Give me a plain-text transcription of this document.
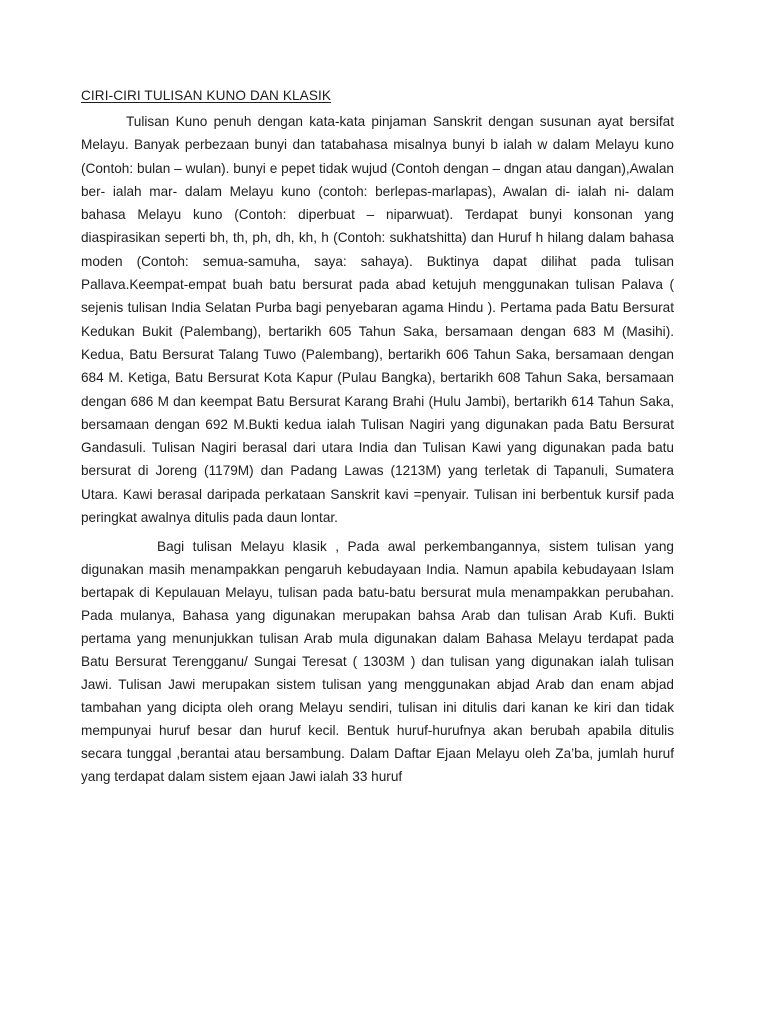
CIRI-CIRI TULISAN KUNO DAN KLASIK

Tulisan Kuno penuh dengan kata-kata pinjaman Sanskrit dengan susunan ayat bersifat Melayu. Banyak perbezaan bunyi dan tatabahasa misalnya bunyi b ialah w dalam Melayu kuno (Contoh: bulan – wulan). bunyi e pepet tidak wujud (Contoh dengan – dngan atau dangan),Awalan ber- ialah mar- dalam Melayu kuno (contoh: berlepas-marlapas), Awalan di- ialah ni- dalam bahasa Melayu kuno (Contoh: diperbuat – niparwuat). Terdapat bunyi konsonan yang diaspirasikan seperti bh, th, ph, dh, kh, h (Contoh: sukhatshitta) dan Huruf h hilang dalam bahasa moden (Contoh: semua-samuha, saya: sahaya). Buktinya dapat dilihat pada tulisan Pallava.Keempat-empat buah batu bersurat pada abad ketujuh menggunakan tulisan Palava ( sejenis tulisan India Selatan Purba bagi penyebaran agama Hindu ). Pertama pada Batu Bersurat Kedukan Bukit (Palembang), bertarikh 605 Tahun Saka, bersamaan dengan 683 M (Masihi). Kedua, Batu Bersurat Talang Tuwo (Palembang), bertarikh 606 Tahun Saka, bersamaan dengan 684 M. Ketiga, Batu Bersurat Kota Kapur (Pulau Bangka), bertarikh 608 Tahun Saka, bersamaan dengan 686 M dan keempat Batu Bersurat Karang Brahi (Hulu Jambi), bertarikh 614 Tahun Saka, bersamaan dengan 692 M.Bukti kedua ialah Tulisan Nagiri yang digunakan pada Batu Bersurat Gandasuli. Tulisan Nagiri berasal dari utara India dan Tulisan Kawi yang digunakan pada batu bersurat di Joreng (1179M) dan Padang Lawas (1213M) yang terletak di Tapanuli, Sumatera Utara. Kawi berasal daripada perkataan Sanskrit kavi =penyair. Tulisan ini berbentuk kursif pada peringkat awalnya ditulis pada daun lontar.

Bagi tulisan Melayu klasik , Pada awal perkembangannya, sistem tulisan yang digunakan masih menampakkan pengaruh kebudayaan India. Namun apabila kebudayaan Islam bertapak di Kepulauan Melayu, tulisan pada batu-batu bersurat mula menampakkan perubahan. Pada mulanya, Bahasa yang digunakan merupakan bahsa Arab dan tulisan Arab Kufi. Bukti pertama yang menunjukkan tulisan Arab mula digunakan dalam Bahasa Melayu terdapat pada Batu Bersurat Terengganu/ Sungai Teresat ( 1303M ) dan tulisan yang digunakan ialah tulisan Jawi. Tulisan Jawi merupakan sistem tulisan yang menggunakan abjad Arab dan enam abjad tambahan yang dicipta oleh orang Melayu sendiri, tulisan ini ditulis dari kanan ke kiri dan tidak mempunyai huruf besar dan huruf kecil. Bentuk huruf-hurufnya akan berubah apabila ditulis secara tunggal ,berantai atau bersambung. Dalam Daftar Ejaan Melayu oleh Za’ba, jumlah huruf yang terdapat dalam sistem ejaan Jawi ialah 33 huruf
